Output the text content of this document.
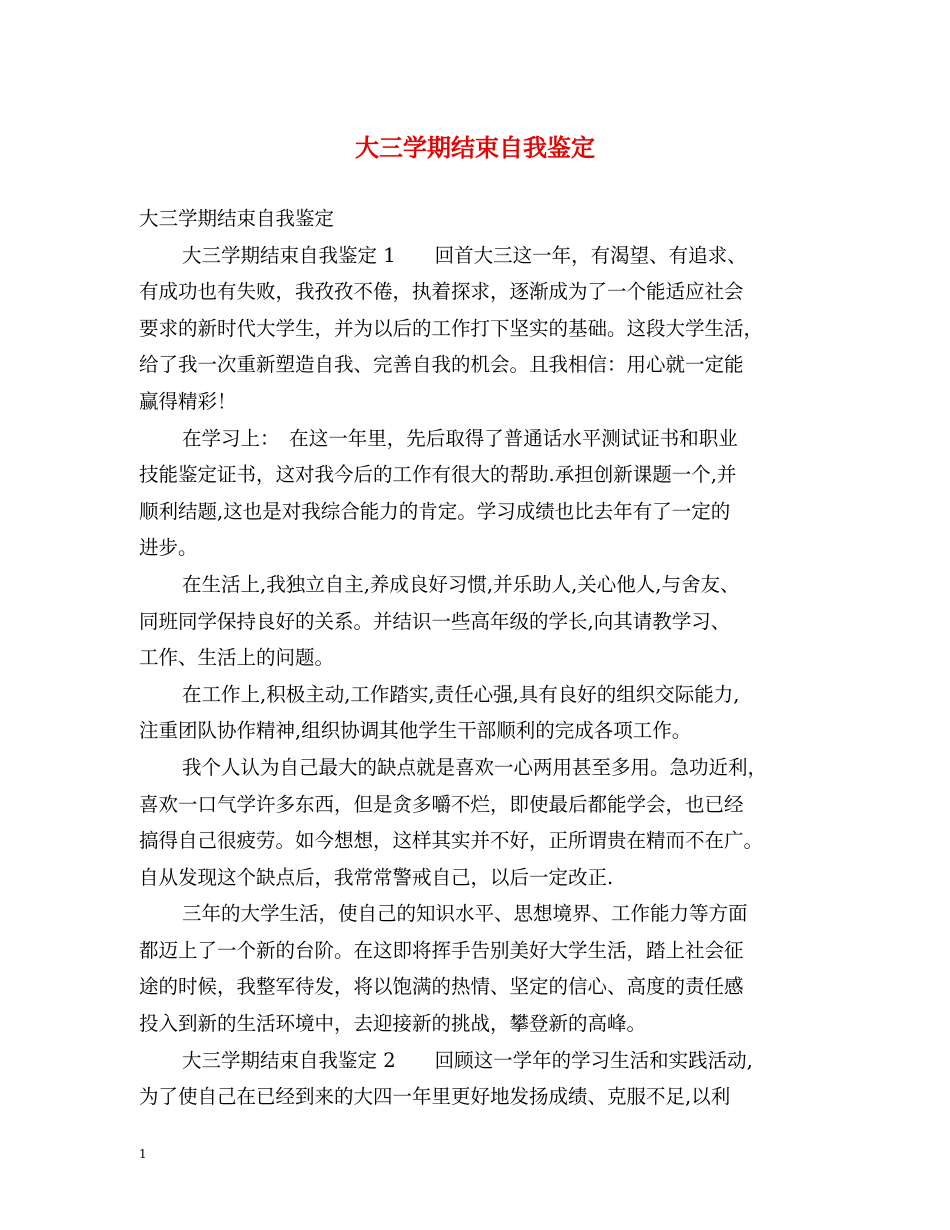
大三学期结束自我鉴定
大三学期结束自我鉴定
大三学期结束自我鉴定 1　　回首大三这一年，有渴望、有追求、
有成功也有失败，我孜孜不倦，执着探求，逐渐成为了一个能适应社会
要求的新时代大学生，并为以后的工作打下坚实的基础。这段大学生活，
给了我一次重新塑造自我、完善自我的机会。且我相信：用心就一定能
赢得精彩！
在学习上：　在这一年里，先后取得了普通话水平测试证书和职业
技能鉴定证书，这对我今后的工作有很大的帮助.承担创新课题一个,并
顺利结题,这也是对我综合能力的肯定。学习成绩也比去年有了一定的
进步。
在生活上,我独立自主,养成良好习惯,并乐助人,关心他人,与舍友、
同班同学保持良好的关系。并结识一些高年级的学长,向其请教学习、
工作、生活上的问题。
在工作上,积极主动,工作踏实,责任心强,具有良好的组织交际能力,
注重团队协作精神,组织协调其他学生干部顺利的完成各项工作。
我个人认为自己最大的缺点就是喜欢一心两用甚至多用。急功近利，
喜欢一口气学许多东西，但是贪多嚼不烂，即使最后都能学会，也已经
搞得自己很疲劳。如今想想，这样其实并不好，正所谓贵在精而不在广。
自从发现这个缺点后，我常常警戒自己，以后一定改正.
三年的大学生活，使自己的知识水平、思想境界、工作能力等方面
都迈上了一个新的台阶。在这即将挥手告别美好大学生活，踏上社会征
途的时候，我整军待发，将以饱满的热情、坚定的信心、高度的责任感
投入到新的生活环境中，去迎接新的挑战，攀登新的高峰。
大三学期结束自我鉴定 2　　回顾这一学年的学习生活和实践活动,
为了使自己在已经到来的大四一年里更好地发扬成绩、克服不足,以利
1
